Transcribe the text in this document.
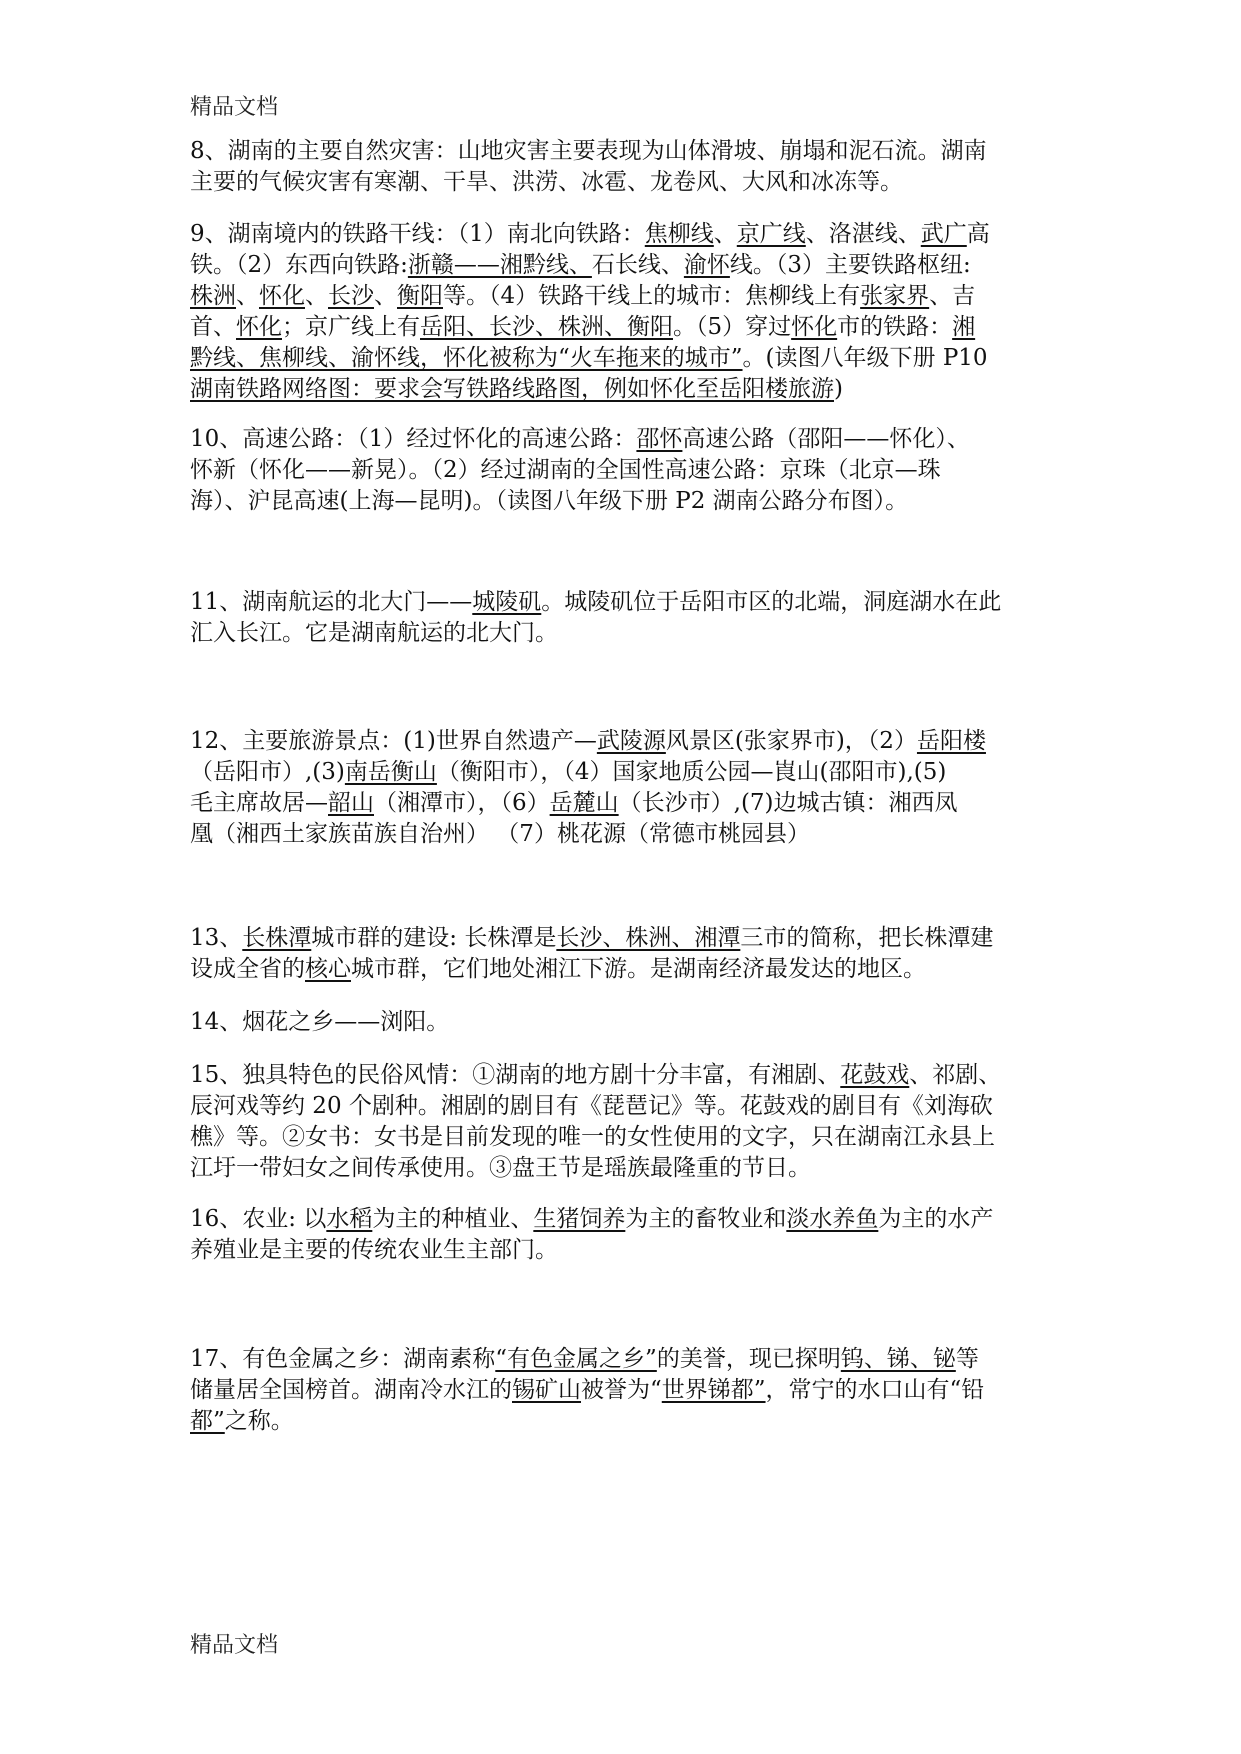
精品文档

8、湖南的主要自然灾害：山地灾害主要表现为山体滑坡、崩塌和泥石流。湖南
主要的气候灾害有寒潮、干旱、洪涝、冰雹、龙卷风、大风和冰冻等。

9、湖南境内的铁路干线：（1）南北向铁路：焦柳线、京广线、洛湛线、武广高
铁。（2）东西向铁路:浙赣——湘黔线、石长线、渝怀线。（3）主要铁路枢纽:
株洲、怀化、长沙、衡阳等。（4）铁路干线上的城市：焦柳线上有张家界、吉
首、怀化；京广线上有岳阳、长沙、株洲、衡阳。（5）穿过怀化市的铁路：湘
黔线、焦柳线、渝怀线，怀化被称为“火车拖来的城市”。(读图八年级下册 P10
湖南铁路网络图：要求会写铁路线路图，例如怀化至岳阳楼旅游)

10、高速公路：（1）经过怀化的高速公路：邵怀高速公路（邵阳——怀化）、
怀新（怀化——新晃）。（2）经过湖南的全国性高速公路：京珠（北京—珠
海）、沪昆高速(上海—昆明)。（读图八年级下册 P2 湖南公路分布图）。

11、湖南航运的北大门——城陵矶。城陵矶位于岳阳市区的北端，洞庭湖水在此
汇入长江。它是湖南航运的北大门。

12、主要旅游景点：(1)世界自然遗产—武陵源风景区(张家界市)，（2）岳阳楼
（岳阳市）,(3)南岳衡山（衡阳市），（4）国家地质公园—崀山(邵阳市),(5)
毛主席故居—韶山（湘潭市），（6）岳麓山（长沙市）,(7)边城古镇：湘西凤
凰（湘西土家族苗族自治州） （7）桃花源（常德市桃园县）

13、长株潭城市群的建设: 长株潭是长沙、株洲、湘潭三市的简称，把长株潭建
设成全省的核心城市群，它们地处湘江下游。是湖南经济最发达的地区。

14、烟花之乡——浏阳。

15、独具特色的民俗风情：①湖南的地方剧十分丰富，有湘剧、花鼓戏、祁剧、
辰河戏等约 20 个剧种。湘剧的剧目有《琵琶记》等。花鼓戏的剧目有《刘海砍
樵》等。②女书：女书是目前发现的唯一的女性使用的文字，只在湖南江永县上
江圩一带妇女之间传承使用。③盘王节是瑶族最隆重的节日。

16、农业: 以水稻为主的种植业、生猪饲养为主的畜牧业和淡水养鱼为主的水产
养殖业是主要的传统农业生主部门。

17、有色金属之乡：湖南素称“有色金属之乡”的美誉，现已探明钨、锑、铋等
储量居全国榜首。湖南冷水江的锡矿山被誉为“世界锑都”，常宁的水口山有“铅
都”之称。

精品文档
